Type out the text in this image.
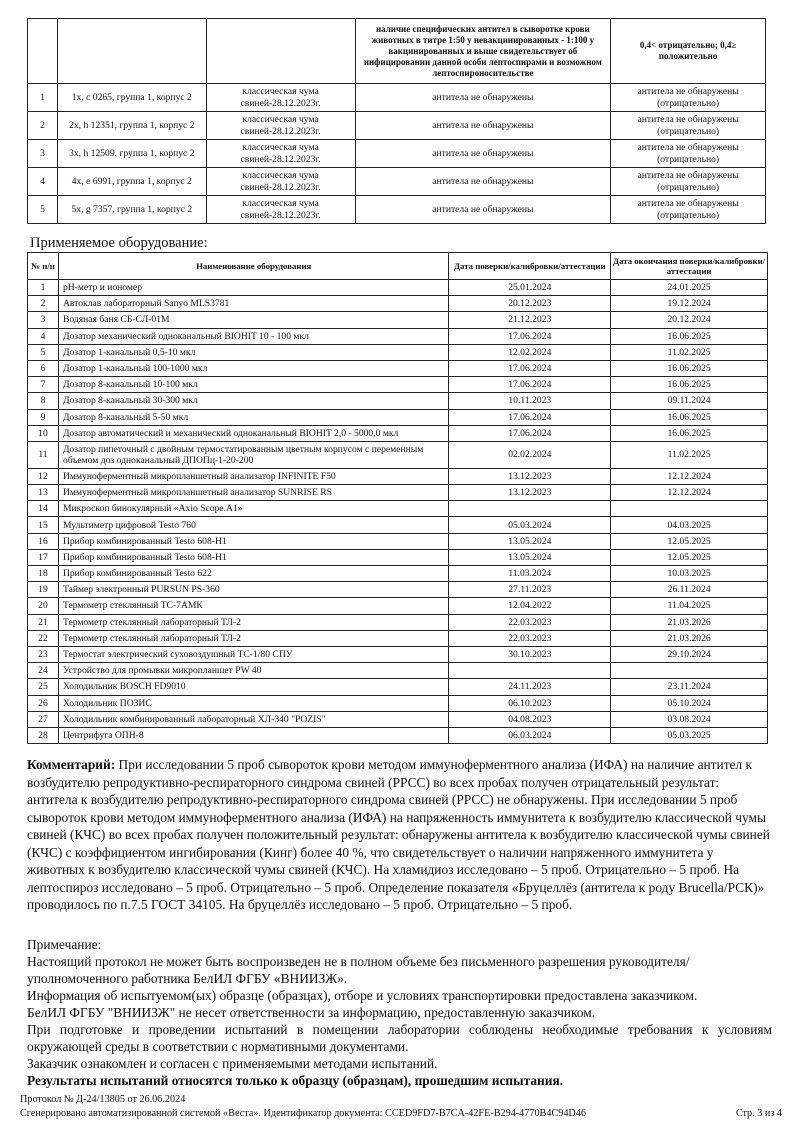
			наличие специфических антител в сыворотке крови животных в титре 1:50 у невакцинированных - 1:100 у вакцинированных и выше свидетельствует об инфицировании данной особи лептоспирами и возможном лептоспироносительстве	0,4< отрицательно; 0,4≥ положительно
1	1х, с 0265, группа 1, корпус 2	классическая чума свиней-28.12.2023г.	антитела не обнаружены	антитела не обнаружены (отрицательно)
2	2х, h 12351, группа 1, корпус 2	классическая чума свиней-28.12.2023г.	антитела не обнаружены	антитела не обнаружены (отрицательно)
3	3х, h 12509, группа 1, корпус 2	классическая чума свиней-28.12.2023г.	антитела не обнаружены	антитела не обнаружены (отрицательно)
4	4х, е 6991, группа 1, корпус 2	классическая чума свиней-28.12.2023г.	антитела не обнаружены	антитела не обнаружены (отрицательно)
5	5х, g 7357, группа 1, корпус 2	классическая чума свиней-28.12.2023г.	антитела не обнаружены	антитела не обнаружены (отрицательно)
Применяемое оборудование:
№ п/п	Наименование оборудования	Дата поверки/калибровки/аттестации	Дата окончания поверки/калибровки/аттестации
1	pH-метр и иономер	25.01.2024	24.01.2025
2	Автоклав лабораторный Sanyo MLS3781	20.12.2023	19.12.2024
3	Водяная баня СБ-СЛ-01М	21.12.2023	20.12.2024
4	Дозатор механический одноканальный BIOHIT 10 - 100 мкл	17.06.2024	16.06.2025
5	Дозатор 1-канальный 0,5-10 мкл	12.02.2024	11.02.2025
6	Дозатор 1-канальный 100-1000 мкл	17.06.2024	16.06.2025
7	Дозатор 8-канальный 10-100 мкл	17.06.2024	16.06.2025
8	Дозатор 8-канальный 30-300 мкл	10.11.2023	09.11.2024
9	Дозатор 8-канальный 5-50 мкл	17.06.2024	16.06.2025
10	Дозатор автоматический и механический одноканальный BIOHIT 2,0 - 5000,0 мкл	17.06.2024	16.06.2025
11	Дозатор пипеточный с двойным термостатированным цветным корпусом с переменным объемом доз одноканальный ДПОПц-1-20-200	02.02.2024	11.02.2025
12	Иммуноферментный микропланшетный анализатор INFINITE F50	13.12.2023	12.12.2024
13	Иммуноферментный микропланшетный анализатор SUNRISE RS	13.12.2023	12.12.2024
14	Микроскоп бинокулярный «Axio Scope.A1»		
15	Мультиметр цифровой Testo 760	05.03.2024	04.03.2025
16	Прибор комбинированный Testo 608-H1	13.05.2024	12.05.2025
17	Прибор комбинированный Testo 608-H1	13.05.2024	12.05.2025
18	Прибор комбинированный Testo 622	11.03.2024	10.03.2025
19	Таймер электронный PURSUN PS-360	27.11.2023	26.11.2024
20	Термометр стеклянный ТС-7АМК	12.04.2022	11.04.2025
21	Термометр стеклянный лабораторный ТЛ-2	22.03.2023	21.03.2026
22	Термометр стеклянный лабораторный ТЛ-2	22.03.2023	21.03.2026
23	Термостат электрический суховоздушный ТС-1/80 СПУ	30.10.2023	29.10.2024
24	Устройство для промывки микропланшет PW 40		
25	Холодильник BOSCH FD9010	24.11.2023	23.11.2024
26	Холодильник ПОЗИС	06.10.2023	05.10.2024
27	Холодильник комбинированный лабораторный ХЛ-340 "POZIS"	04.08.2023	03.08.2024
28	Центрифуга ОПН-8	06.03.2024	05.03.2025
Комментарий: При исследовании 5 проб сывороток крови методом иммуноферментного анализа (ИФА) на наличие антител к возбудителю репродуктивно-респираторного синдрома свиней (РРСС) во всех пробах получен отрицательный результат: антитела к возбудителю репродуктивно-респираторного синдрома свиней (РРСС) не обнаружены. При исследовании 5 проб сывороток крови методом иммуноферментного анализа (ИФА) на напряженность иммунитета к возбудителю классической чумы свиней (КЧС) во всех пробах получен положительный результат: обнаружены антитела к возбудителю классической чумы свиней (КЧС) с коэффициентом ингибирования (Кинг) более 40 %, что свидетельствует о наличии напряженного иммунитета у животных к возбудителю классической чумы свиней (КЧС). На хламидиоз исследовано – 5 проб. Отрицательно – 5 проб. На лептоспироз исследовано – 5 проб. Отрицательно – 5 проб. Определение показателя «Бруцеллёз (антитела к роду Brucella/РСК)» проводилось по п.7.5 ГОСТ 34105. На бруцеллёз исследовано – 5 проб. Отрицательно – 5 проб.

Примечание:

Настоящий протокол не может быть воспроизведен не в полном объеме без письменного разрешения руководителя/уполномоченного работника БелИЛ ФГБУ «ВНИИЗЖ».

Информация об испытуемом(ых) образце (образцах), отборе и условиях транспортировки предоставлена заказчиком.

БелИЛ ФГБУ "ВНИИЗЖ" не несет ответственности за информацию, предоставленную заказчиком.

При подготовке и проведении испытаний в помещении лаборатории соблюдены необходимые требования к условиям окружающей среды в соответствии с нормативными документами.

Заказчик ознакомлен и согласен с применяемыми методами испытаний.

Результаты испытаний относятся только к образцу (образцам), прошедшим испытания.

Протокол № Д-24/13805 от 26.06.2024
Сгенерировано автоматизированной системой «Веста». Идентификатор документа: CCED9FD7-B7CA-42FE-B294-4770B4C94D46	Стр. 3 из 4
